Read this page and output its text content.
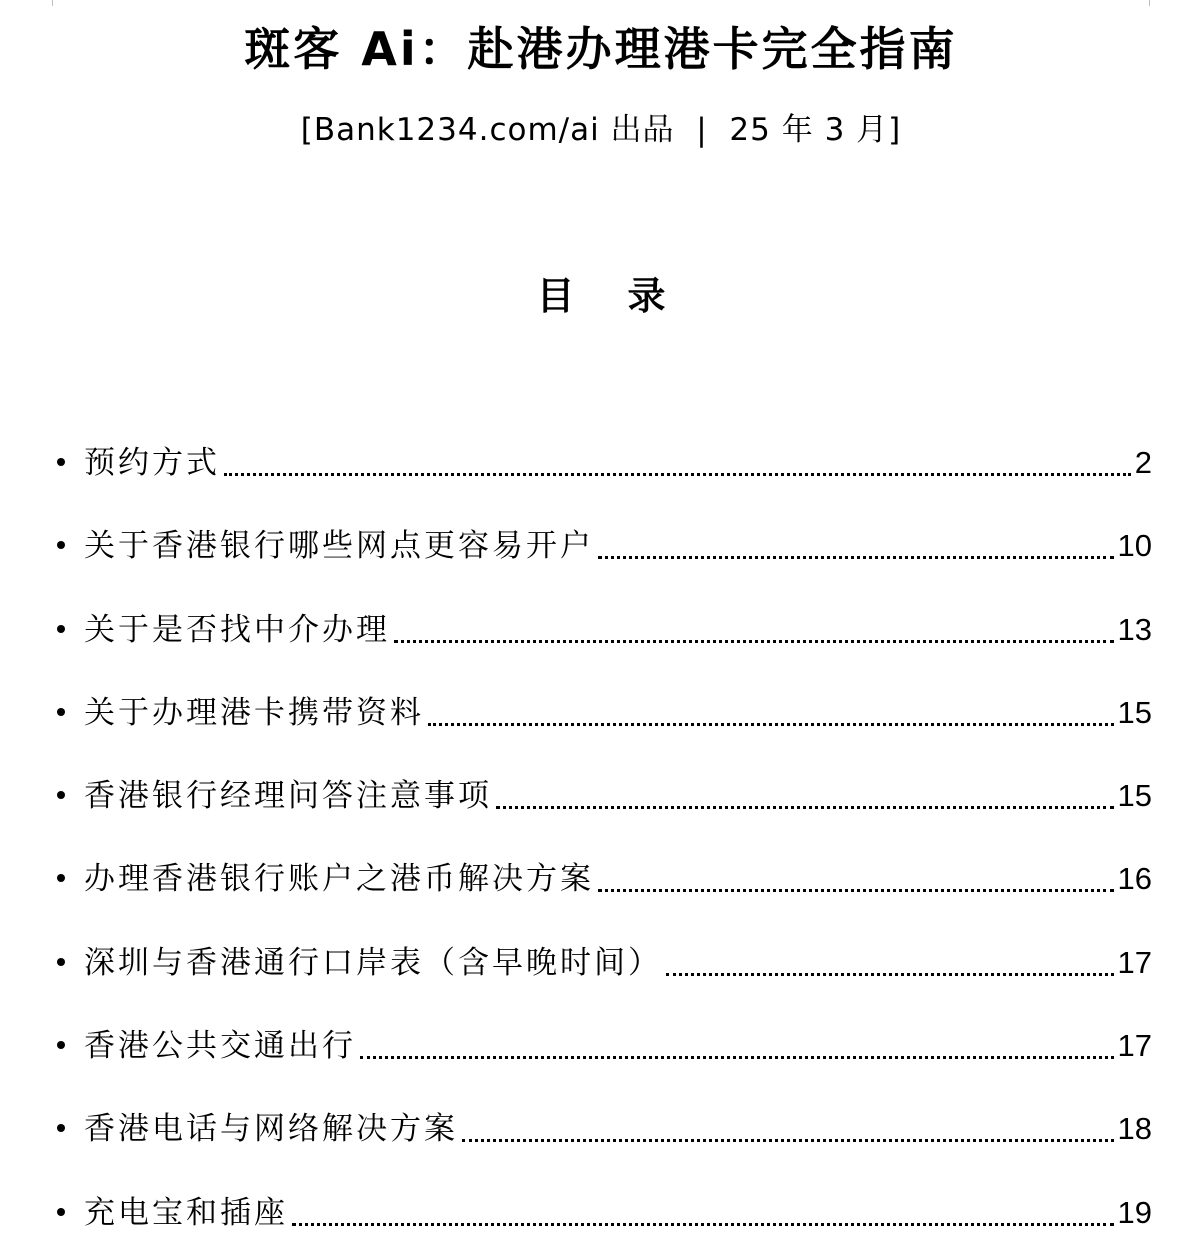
斑客 Ai：赴港办理港卡完全指南
[Bank1234.com/ai 出品  |  25 年 3 月]
目    录
预约方式	2
关于香港银行哪些网点更容易开户	10
关于是否找中介办理	13
关于办理港卡携带资料	15
香港银行经理问答注意事项	15
办理香港银行账户之港币解决方案	16
深圳与香港通行口岸表（含早晚时间）	17
香港公共交通出行	17
香港电话与网络解决方案	18
充电宝和插座	19
